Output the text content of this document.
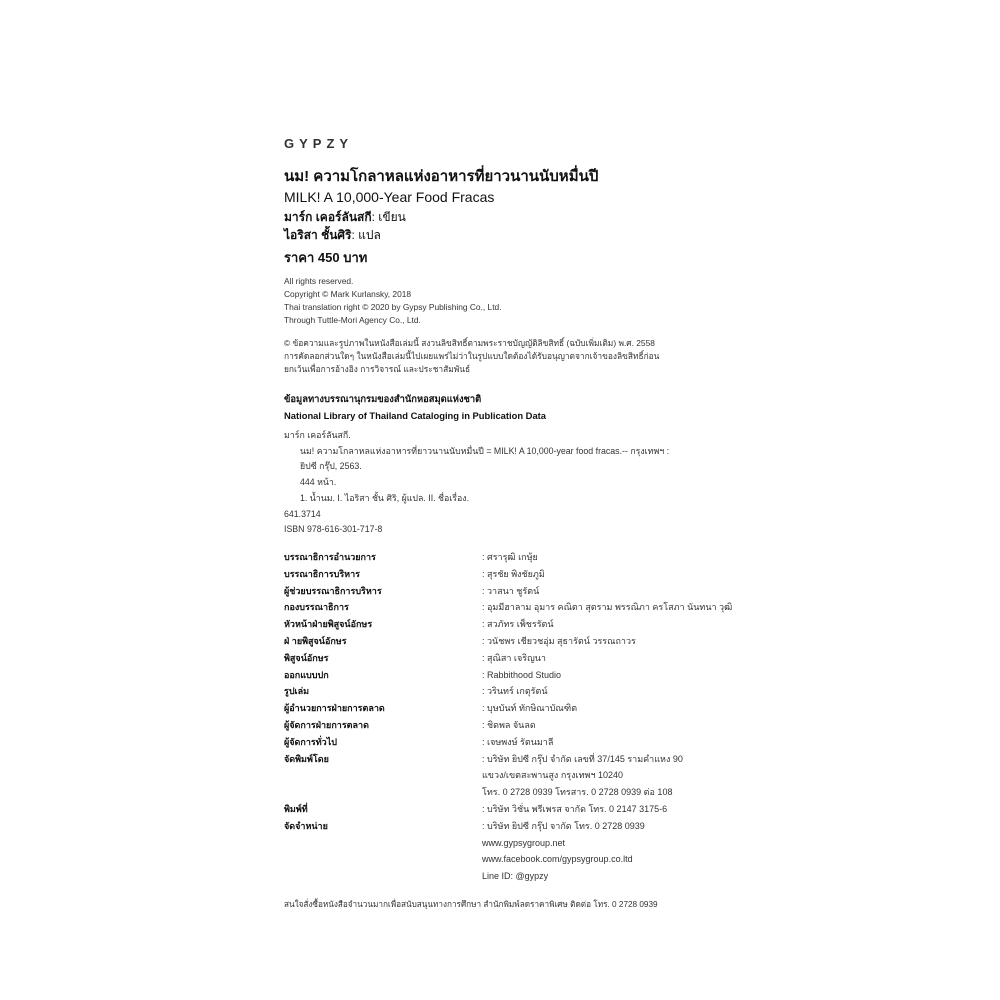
GYPZY
นม! ความโกลาหลแห่งอาหารที่ยาวนานนับหมื่นปี
MILK! A 10,000-Year Food Fracas
มาร์ก เคอร์ลันสกี: เขียน
ไอริสา ชั้นศิริ: แปล
ราคา 450 บาท
All rights reserved.
Copyright © Mark Kurlansky, 2018
Thai translation right © 2020 by Gypsy Publishing Co., Ltd.
Through Tuttle-Mori Agency Co., Ltd.
© ข้อความและรูปภาพในหนังสือเล่มนี้ สงวนลิขสิทธิ์ตามพระราชบัญญัติลิขสิทธิ์ (ฉบับเพิ่มเติม) พ.ศ. 2558
การคัดลอกส่วนใดๆ ในหนังสือเล่มนี้ไปเผยแพร่ไม่ว่าในรูปแบบใดต้องได้รับอนุญาตจากเจ้าของลิขสิทธิ์ก่อน
ยกเว้นเพื่อการอ้างอิง การวิจารณ์ และประชาสัมพันธ์
ข้อมูลทางบรรณานุกรมของสำนักหอสมุดแห่งชาติ
National Library of Thailand Cataloging in Publication Data
มาร์ก เคอร์ลันสกี.
นม! ความโกลาหลแห่งอาหารที่ยาวนานนับหมื่นปี = MILK! A 10,000-year food fracas.-- กรุงเทพฯ :
ยิปซี กรุ๊ป, 2563.
444 หน้า.
1. น้ำนม. I. ไอริสา ชั้น ศิริ, ผู้แปล. II. ชื่อเรื่อง.
641.3714
ISBN 978-616-301-717-8
บรรณาธิการอำนวยการ	: ศรารุฒิ เกษุ้ย
บรรณาธิการบริหาร	: สุรชัย พิงชัยภูมิ
ผู้ช่วยบรรณาธิการบริหาร	: วาสนา ชูรัตน์
กองบรรณาธิการ	: อุมมีฮาลาม อุมาร คณิตา สุตราม พรรณิภา ครโสภา นันทนา วุฒิ
หัวหน้าฝ่ายพิสูจน์อักษร	: สวภัทร เพ็ชรรัตน์
ฝ่ ายพิสูจน์อักษร	: วนัชพร เชียวชอุ่ม สุธารัตน์ วรรณถาวร
พิสูจน์อักษร	: สุณิสา เจริญนา
ออกแบบปก	: Rabbithood Studio
รูปเล่ม	: วรินทร์ เกตุรัตน์
ผู้อำนวยการฝ่ายการตลาด	: บุษบันท์ ทักษิณาบัณฑิต
ผู้จัดการฝ่ายการตลาด	: ชิดพล จันลด
ผู้จัดการทั่วไป	: เจษพงษ์ รัตนมาลี
จัดพิมพ์โดย	: บริษัท ยิปซี กรุ๊ป จำกัด เลขที่ 37/145 รามคำแหง 90
แขวง/เขตสะพานสูง กรุงเทพฯ 10240
โทร. 0 2728 0939 โทรสาร. 0 2728 0939 ต่อ 108
พิมพ์ที่	: บริษัท วิชั่น พรีเพรส จากัด โทร. 0 2147 3175-6
จัดจำหน่าย	: บริษัท ยิปซี กรุ๊ป จากัด โทร. 0 2728 0939
www.gypsygroup.net
www.facebook.com/gypsygroup.co.ltd
Line ID: @gypzy
สนใจสั่งซื้อหนังสือจำนวนมากเพื่อสนับสนุนทางการศึกษา สำนักพิมพ์ลดราคาพิเศษ ติดต่อ โทร. 0 2728 0939
